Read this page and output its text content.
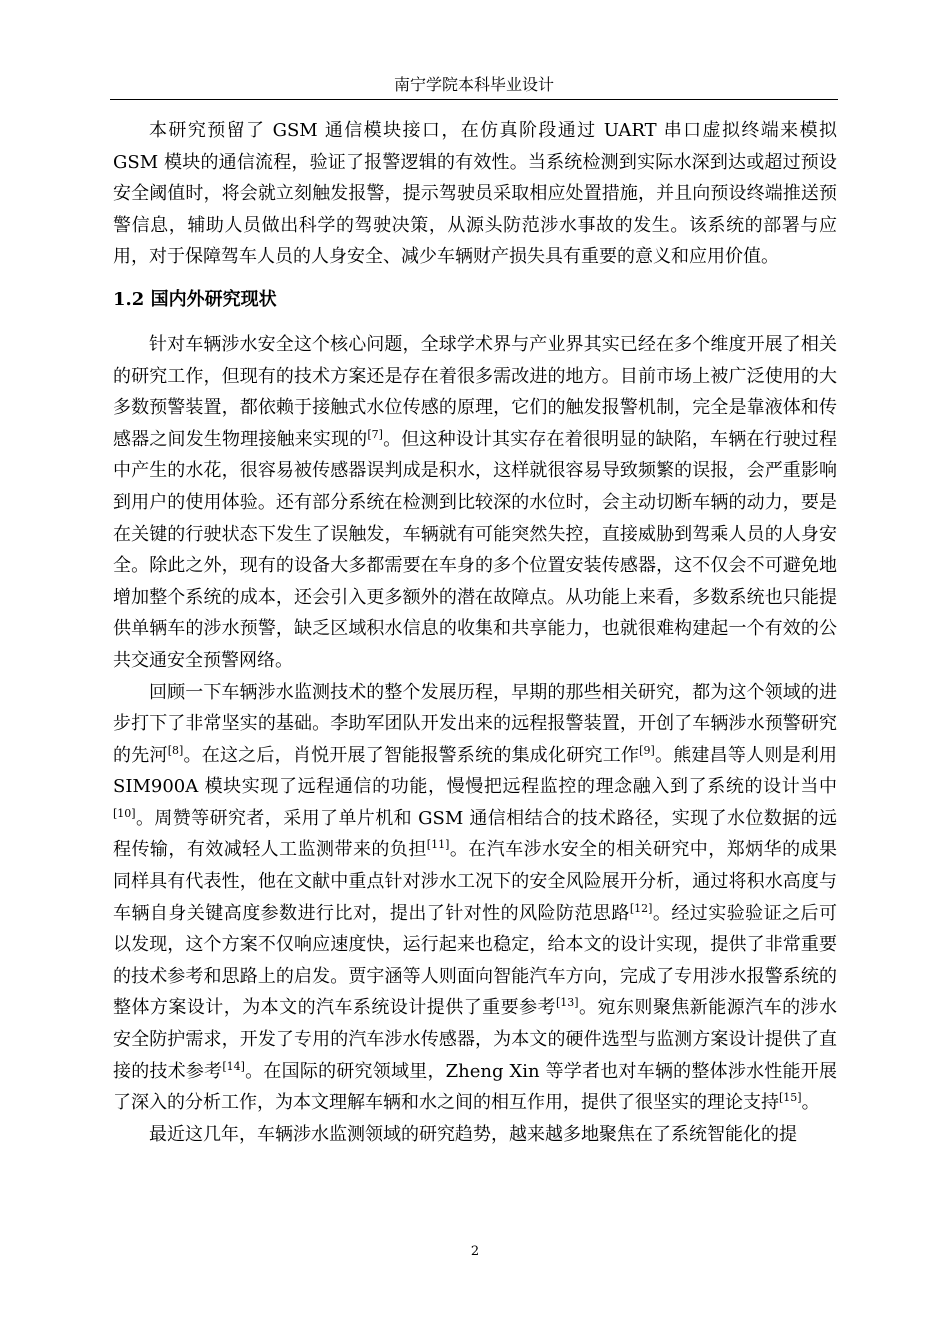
南宁学院本科毕业设计

本研究预留了 GSM 通信模块接口，在仿真阶段通过 UART 串口虚拟终端来模拟 GSM 模块的通信流程，验证了报警逻辑的有效性。当系统检测到实际水深到达或超过预设安全阈值时，将会就立刻触发报警，提示驾驶员采取相应处置措施，并且向预设终端推送预警信息，辅助人员做出科学的驾驶决策，从源头防范涉水事故的发生。该系统的部署与应用，对于保障驾车人员的人身安全、减少车辆财产损失具有重要的意义和应用价值。

1.2 国内外研究现状

针对车辆涉水安全这个核心问题，全球学术界与产业界其实已经在多个维度开展了相关的研究工作，但现有的技术方案还是存在着很多需改进的地方。目前市场上被广泛使用的大多数预警装置，都依赖于接触式水位传感的原理，它们的触发报警机制，完全是靠液体和传感器之间发生物理接触来实现的[7]。但这种设计其实存在着很明显的缺陷，车辆在行驶过程中产生的水花，很容易被传感器误判成是积水，这样就很容易导致频繁的误报，会严重影响到用户的使用体验。还有部分系统在检测到比较深的水位时，会主动切断车辆的动力，要是在关键的行驶状态下发生了误触发，车辆就有可能突然失控，直接威胁到驾乘人员的人身安全。除此之外，现有的设备大多都需要在车身的多个位置安装传感器，这不仅会不可避免地增加整个系统的成本，还会引入更多额外的潜在故障点。从功能上来看，多数系统也只能提供单辆车的涉水预警，缺乏区域积水信息的收集和共享能力，也就很难构建起一个有效的公共交通安全预警网络。

回顾一下车辆涉水监测技术的整个发展历程，早期的那些相关研究，都为这个领域的进步打下了非常坚实的基础。李助军团队开发出来的远程报警装置，开创了车辆涉水预警研究的先河[8]。在这之后，肖悦开展了智能报警系统的集成化研究工作[9]。熊建昌等人则是利用 SIM900A 模块实现了远程通信的功能，慢慢把远程监控的理念融入到了系统的设计当中[10]。周赞等研究者，采用了单片机和 GSM 通信相结合的技术路径，实现了水位数据的远程传输，有效减轻人工监测带来的负担[11]。在汽车涉水安全的相关研究中，郑炳华的成果同样具有代表性，他在文献中重点针对涉水工况下的安全风险展开分析，通过将积水高度与车辆自身关键高度参数进行比对，提出了针对性的风险防范思路[12]。经过实验验证之后可以发现，这个方案不仅响应速度快，运行起来也稳定，给本文的设计实现，提供了非常重要的技术参考和思路上的启发。贾宇涵等人则面向智能汽车方向，完成了专用涉水报警系统的整体方案设计，为本文的汽车系统设计提供了重要参考[13]。宛东则聚焦新能源汽车的涉水安全防护需求，开发了专用的汽车涉水传感器，为本文的硬件选型与监测方案设计提供了直接的技术参考[14]。在国际的研究领域里，Zheng Xin 等学者也对车辆的整体涉水性能开展了深入的分析工作，为本文理解车辆和水之间的相互作用，提供了很坚实的理论支持[15]。

最近这几年，车辆涉水监测领域的研究趋势，越来越多地聚焦在了系统智能化的提

2
